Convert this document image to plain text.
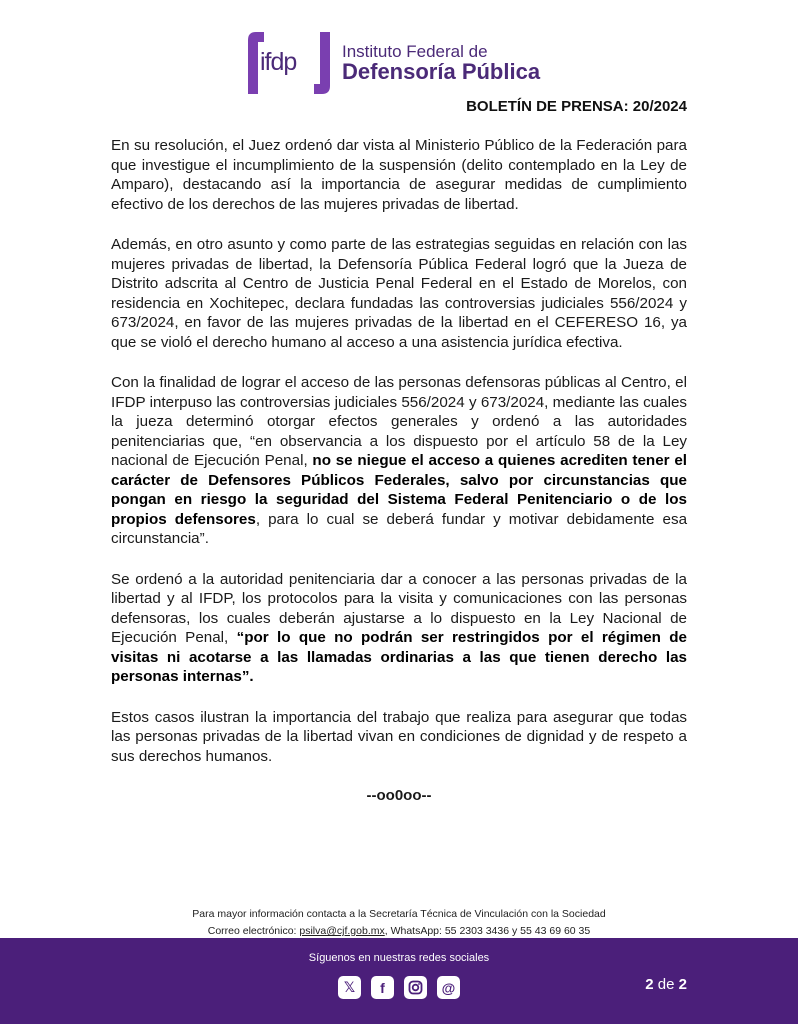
ifdp	Instituto Federal de
Defensoría Pública
BOLETÍN DE PRENSA: 20/2024

En su resolución, el Juez ordenó dar vista al Ministerio Público de la Federación para que investigue el incumplimiento de la suspensión (delito contemplado en la Ley de Amparo), destacando así la importancia de asegurar medidas de cumplimiento efectivo de los derechos de las mujeres privadas de libertad.

Además, en otro asunto y como parte de las estrategias seguidas en relación con las mujeres privadas de libertad, la Defensoría Pública Federal logró que la Jueza de Distrito adscrita al Centro de Justicia Penal Federal en el Estado de Morelos, con residencia en Xochitepec, declara fundadas las controversias judiciales 556/2024 y 673/2024, en favor de las mujeres privadas de la libertad en el CEFERESO 16, ya que se violó el derecho humano al acceso a una asistencia jurídica efectiva.

Con la finalidad de lograr el acceso de las personas defensoras públicas al Centro, el IFDP interpuso las controversias judiciales 556/2024 y 673/2024, mediante las cuales la jueza determinó otorgar efectos generales y ordenó a las autoridades penitenciarias que, “en observancia a los dispuesto por el artículo 58 de la Ley nacional de Ejecución Penal, no se niegue el acceso a quienes acrediten tener el carácter de Defensores Públicos Federales, salvo por circunstancias que pongan en riesgo la seguridad del Sistema Federal Penitenciario o de los propios defensores, para lo cual se deberá fundar y motivar debidamente esa circunstancia”.

Se ordenó a la autoridad penitenciaria dar a conocer a las personas privadas de la libertad y al IFDP, los protocolos para la visita y comunicaciones con las personas defensoras, los cuales deberán ajustarse a lo dispuesto en la Ley Nacional de Ejecución Penal, “por lo que no podrán ser restringidos por el régimen de visitas ni acotarse a las llamadas ordinarias a las que tienen derecho las personas internas”.

Estos casos ilustran la importancia del trabajo que realiza para asegurar que todas las personas privadas de la libertad vivan en condiciones de dignidad y de respeto a sus derechos humanos.

--oo0oo--
Para mayor información contacta a la Secretaría Técnica de Vinculación con la Sociedad
Correo electrónico: psilva@cjf.gob.mx, WhatsApp: 55 2303 3436 y 55 43 69 60 35
Síguenos en nuestras redes sociales
𝕏	f	@	2 de 2
